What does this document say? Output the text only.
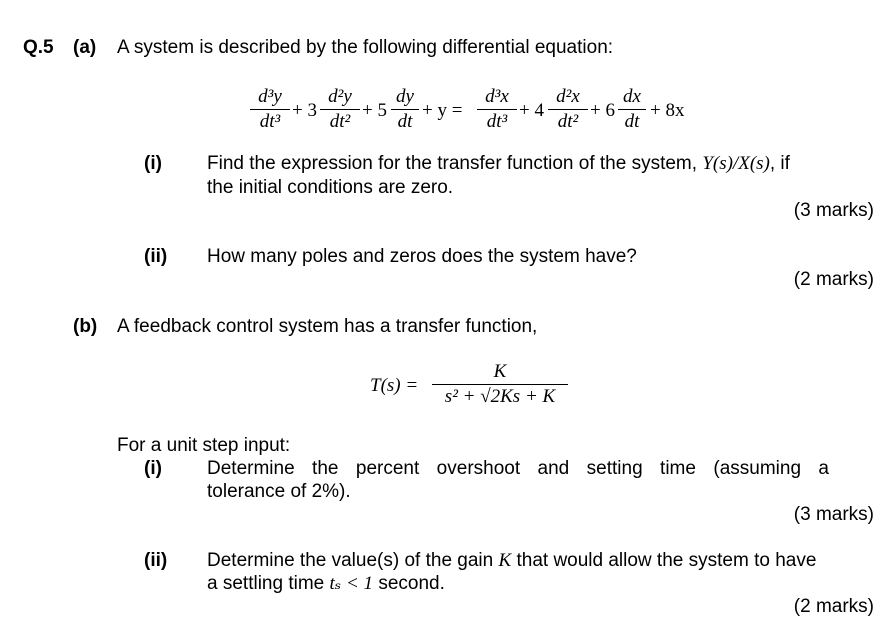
Q.5 (a) A system is described by the following differential equation:
d³y
dt³
+ 3
d²y
dt²
+ 5
dy
dt
+ y =
d³x
dt³
+ 4
d²x
dt²
+ 6
dx
dt
+ 8x
(i) Find the expression for the transfer function of the system, Y(s)/X(s), if
the initial conditions are zero.
(3 marks)
(ii) How many poles and zeros does the system have?
(2 marks)
(b) A feedback control system has a transfer function,
T(s) =
K
s² + √2Ks + K
For a unit step input:
(i) Determine the percent overshoot and setting time (assuming a
tolerance of 2%).
(3 marks)
(ii) Determine the value(s) of the gain K that would allow the system to have
a settling time tₛ < 1 second.
(2 marks)
